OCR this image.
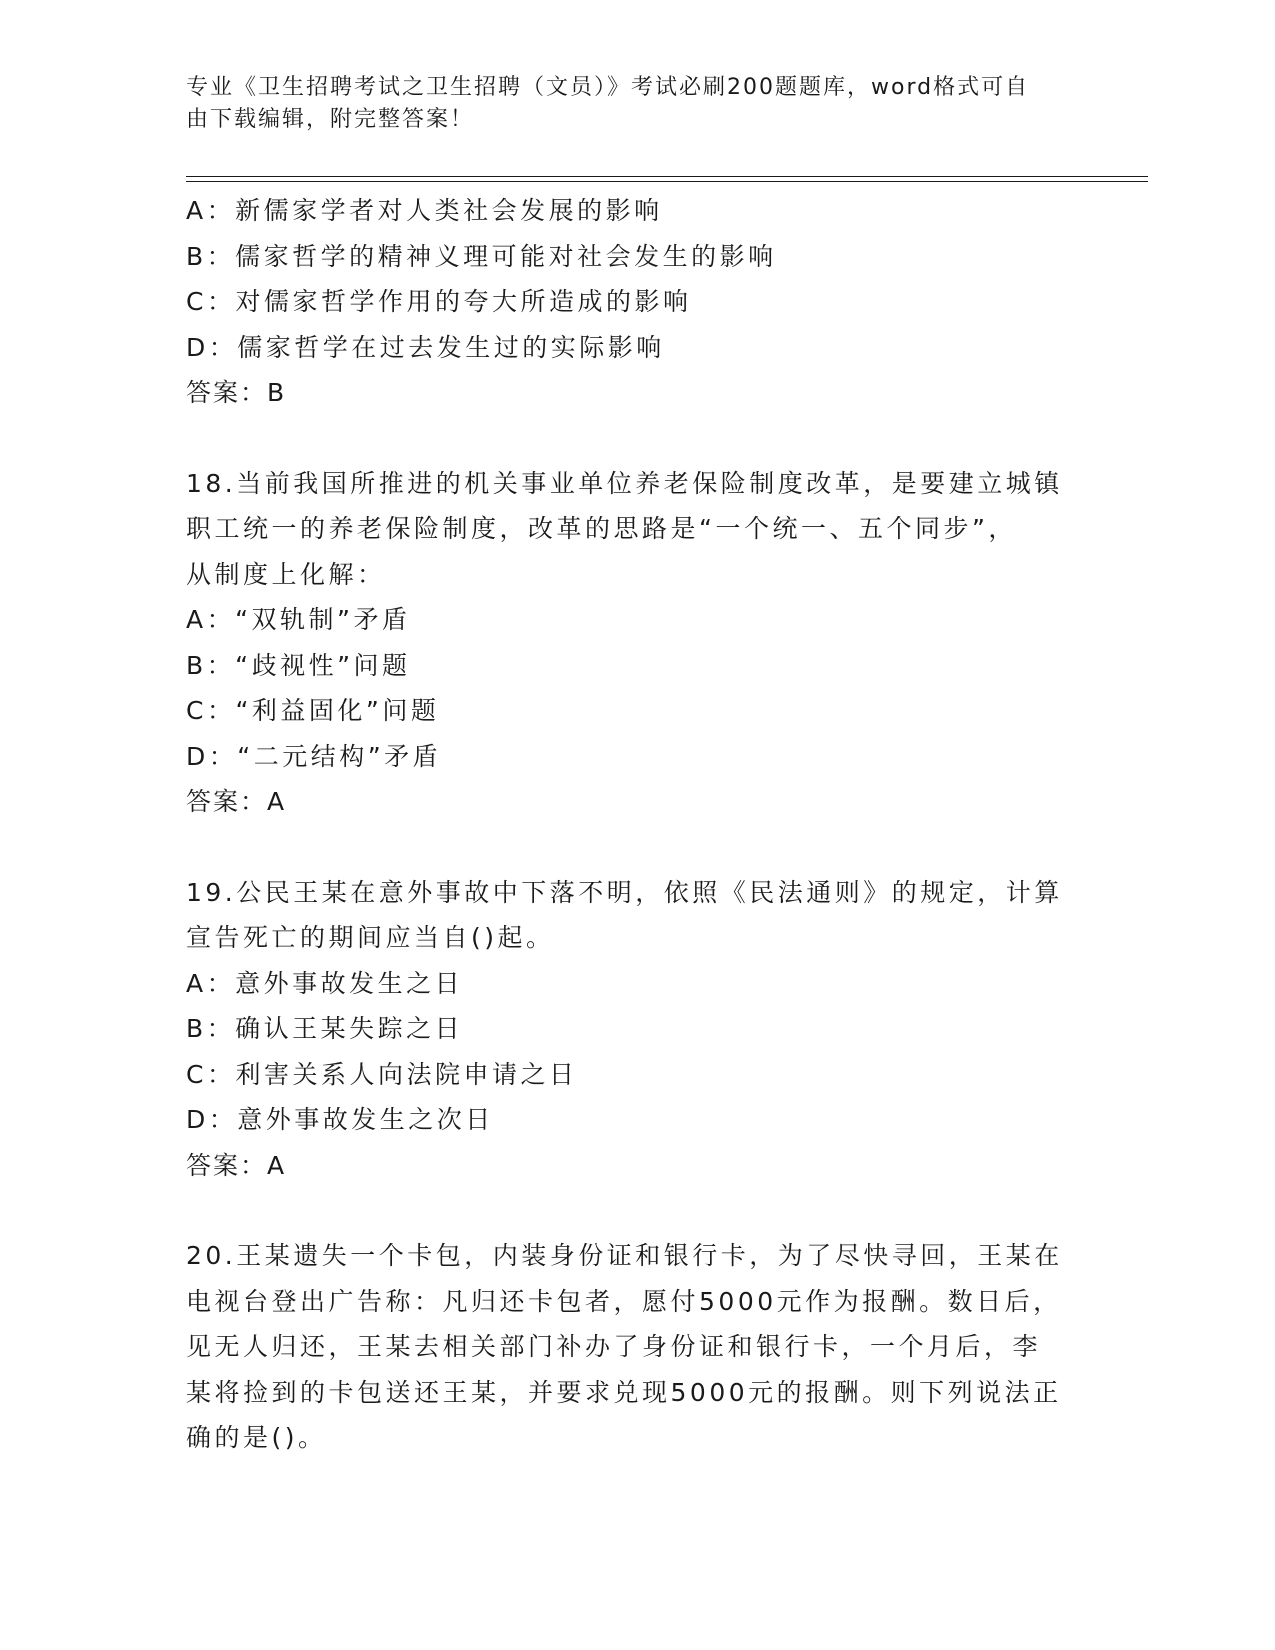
专业《卫生招聘考试之卫生招聘（文员）》考试必刷200题题库，word格式可自
由下载编辑，附完整答案！
A：新儒家学者对人类社会发展的影响
B：儒家哲学的精神义理可能对社会发生的影响
C：对儒家哲学作用的夸大所造成的影响
D：儒家哲学在过去发生过的实际影响
答案：B
18.当前我国所推进的机关事业单位养老保险制度改革，是要建立城镇
职工统一的养老保险制度，改革的思路是“一个统一、五个同步”，
从制度上化解：
A：“双轨制”矛盾
B：“歧视性”问题
C：“利益固化”问题
D：“二元结构”矛盾
答案：A
19.公民王某在意外事故中下落不明，依照《民法通则》的规定，计算
宣告死亡的期间应当自()起。
A：意外事故发生之日
B：确认王某失踪之日
C：利害关系人向法院申请之日
D：意外事故发生之次日
答案：A
20.王某遗失一个卡包，内装身份证和银行卡，为了尽快寻回，王某在
电视台登出广告称：凡归还卡包者，愿付5000元作为报酬。数日后，
见无人归还，王某去相关部门补办了身份证和银行卡，一个月后，李
某将捡到的卡包送还王某，并要求兑现5000元的报酬。则下列说法正
确的是()。
